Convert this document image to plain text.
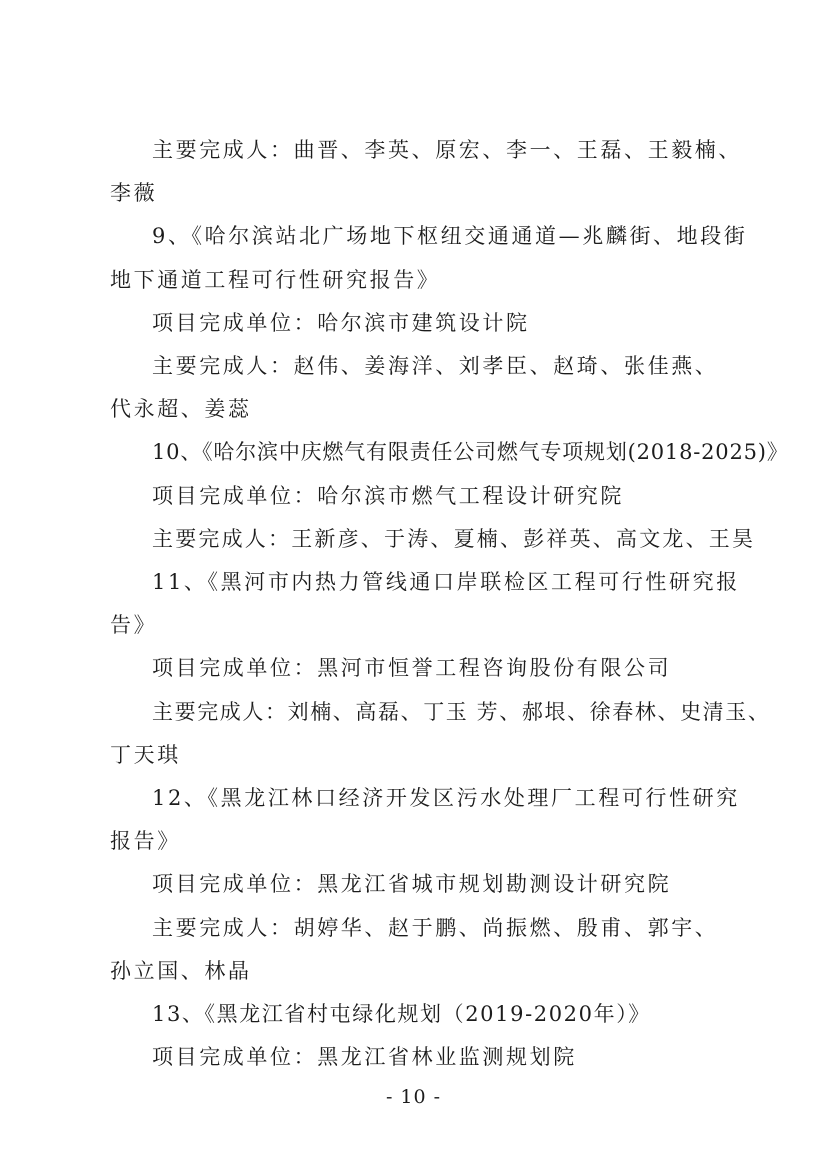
主要完成人：曲晋、李英、原宏、李一、王磊、王毅楠、
李薇
9、《哈尔滨站北广场地下枢纽交通通道—兆麟街、地段街
地下通道工程可行性研究报告》
项目完成单位：哈尔滨市建筑设计院
主要完成人：赵伟、姜海洋、刘孝臣、赵琦、张佳燕、
代永超、姜蕊
10、《哈尔滨中庆燃气有限责任公司燃气专项规划(2018-2025)》
项目完成单位：哈尔滨市燃气工程设计研究院
主要完成人：王新彦、于涛、夏楠、彭祥英、高文龙、王昊
11、《黑河市内热力管线通口岸联检区工程可行性研究报
告》
项目完成单位：黑河市恒誉工程咨询股份有限公司
主要完成人：刘楠、高磊、丁玉 芳、郝垠、徐春林、史清玉、
丁天琪
12、《黑龙江林口经济开发区污水处理厂工程可行性研究
报告》
项目完成单位：黑龙江省城市规划勘测设计研究院
主要完成人：胡婷华、赵于鹏、尚振燃、殷甫、郭宇、
孙立国、林晶
13、《黑龙江省村屯绿化规划（2019-2020年）》
项目完成单位：黑龙江省林业监测规划院
- 10 -
